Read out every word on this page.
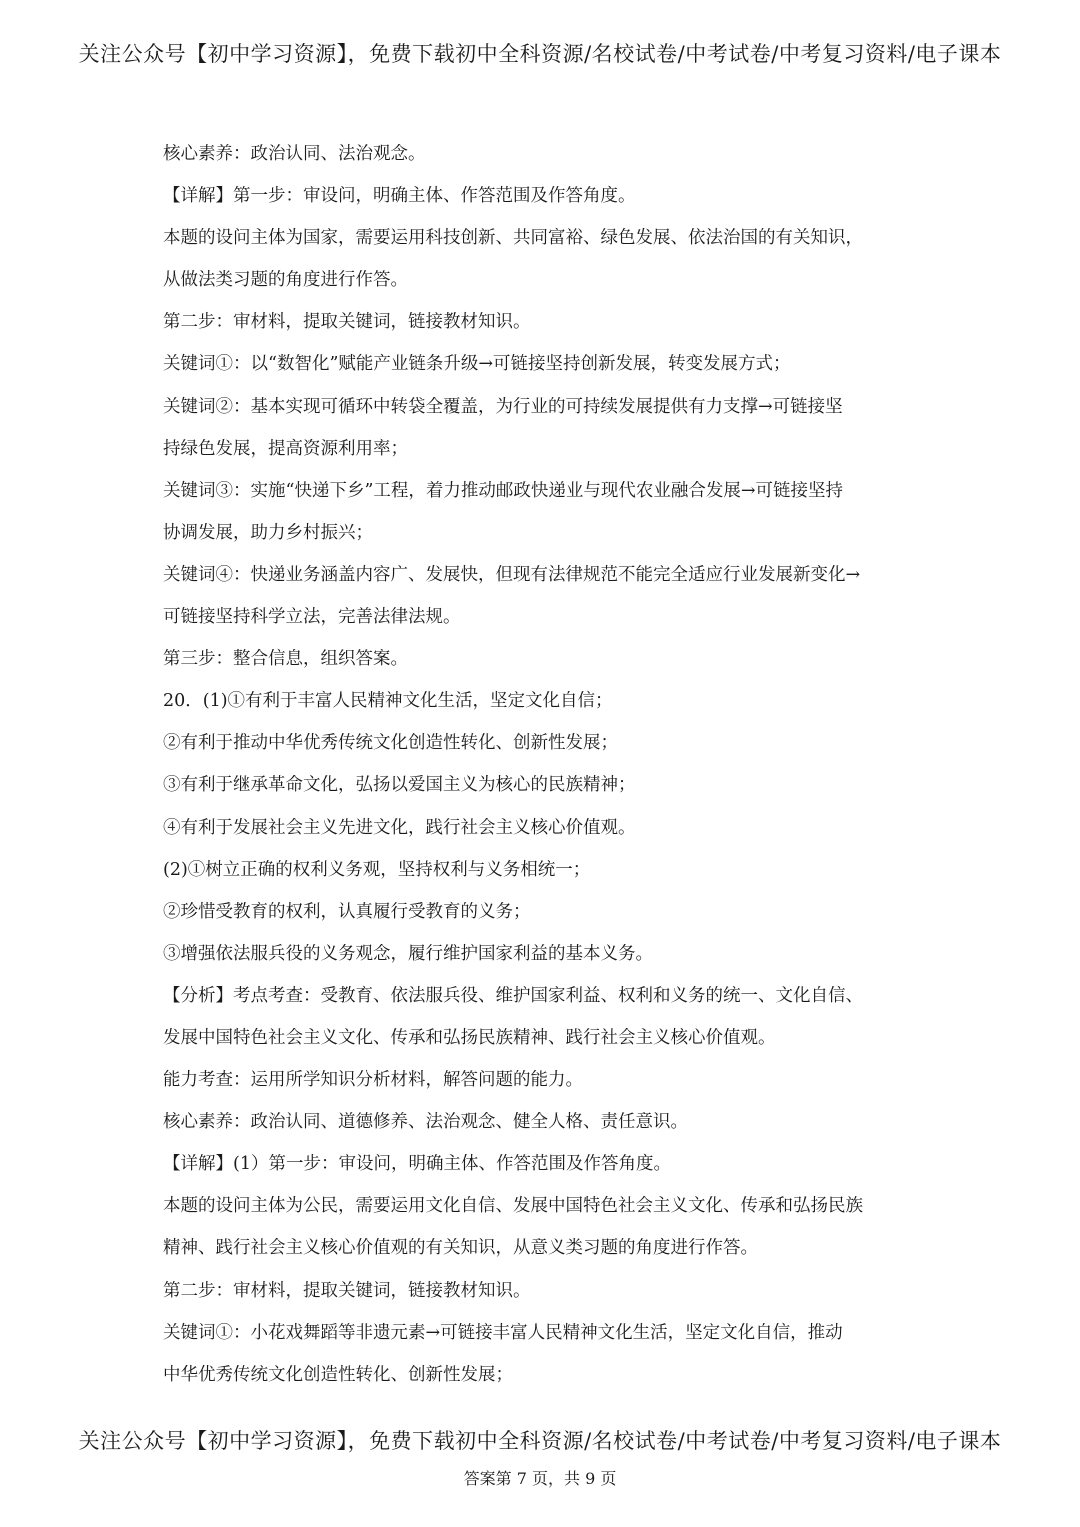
关注公众号【初中学习资源】，免费下载初中全科资源/名校试卷/中考试卷/中考复习资料/电子课本
核心素养：政治认同、法治观念。
【详解】第一步：审设问，明确主体、作答范围及作答角度。
本题的设问主体为国家，需要运用科技创新、共同富裕、绿色发展、依法治国的有关知识，
从做法类习题的角度进行作答。
第二步：审材料，提取关键词，链接教材知识。
关键词①：以“数智化”赋能产业链条升级→可链接坚持创新发展，转变发展方式；
关键词②：基本实现可循环中转袋全覆盖，为行业的可持续发展提供有力支撑→可链接坚
持绿色发展，提高资源利用率；
关键词③：实施“快递下乡”工程，着力推动邮政快递业与现代农业融合发展→可链接坚持
协调发展，助力乡村振兴；
关键词④：快递业务涵盖内容广、发展快，但现有法律规范不能完全适应行业发展新变化→
可链接坚持科学立法，完善法律法规。
第三步：整合信息，组织答案。
20．(1)①有利于丰富人民精神文化生活，坚定文化自信；
②有利于推动中华优秀传统文化创造性转化、创新性发展；
③有利于继承革命文化，弘扬以爱国主义为核心的民族精神；
④有利于发展社会主义先进文化，践行社会主义核心价值观。
(2)①树立正确的权利义务观，坚持权利与义务相统一；
②珍惜受教育的权利，认真履行受教育的义务；
③增强依法服兵役的义务观念，履行维护国家利益的基本义务。
【分析】考点考查：受教育、依法服兵役、维护国家利益、权利和义务的统一、文化自信、
发展中国特色社会主义文化、传承和弘扬民族精神、践行社会主义核心价值观。
能力考查：运用所学知识分析材料，解答问题的能力。
核心素养：政治认同、道德修养、法治观念、健全人格、责任意识。
【详解】(1）第一步：审设问，明确主体、作答范围及作答角度。
本题的设问主体为公民，需要运用文化自信、发展中国特色社会主义文化、传承和弘扬民族
精神、践行社会主义核心价值观的有关知识，从意义类习题的角度进行作答。
第二步：审材料，提取关键词，链接教材知识。
关键词①：小花戏舞蹈等非遗元素→可链接丰富人民精神文化生活，坚定文化自信，推动
中华优秀传统文化创造性转化、创新性发展；
关注公众号【初中学习资源】，免费下载初中全科资源/名校试卷/中考试卷/中考复习资料/电子课本
答案第 7 页，共 9 页
